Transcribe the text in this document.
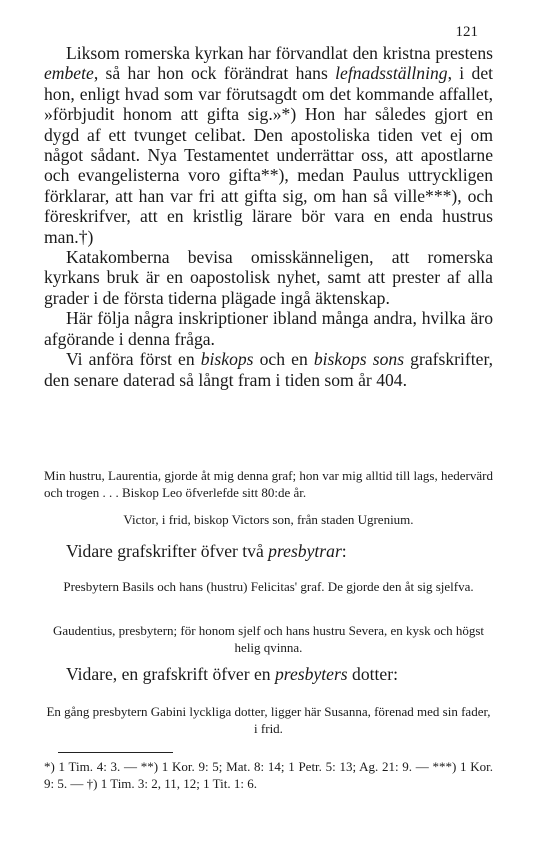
121

Liksom romerska kyrkan har förvandlat den kristna prestens embete, så har hon ock förändrat hans lefnadsställning, i det hon, enligt hvad som var förutsagdt om det kommande affallet, »förbjudit honom att gifta sig.»*) Hon har således gjort en dygd af ett tvunget celibat. Den apostoliska tiden vet ej om något sådant. Nya Testamentet underrättar oss, att apostlarne och evangelisterna voro gifta**), medan Paulus uttryckligen förklarar, att han var fri att gifta sig, om han så ville***), och föreskrifver, att en kristlig lärare bör vara en enda hustrus man.†)

Katakomberna bevisa omisskänneligen, att romerska kyrkans bruk är en oapostolisk nyhet, samt att prester af alla grader i de första tiderna plägade ingå äktenskap.

Här följa några inskriptioner ibland många andra, hvilka äro afgörande i denna fråga.

Vi anföra först en biskops och en biskops sons grafskrifter, den senare daterad så långt fram i tiden som år 404.

Min hustru, Laurentia, gjorde åt mig denna graf; hon var mig alltid till lags, hedervärd och trogen . . . Biskop Leo öfverlefde sitt 80:de år.

Victor, i frid, biskop Victors son, från staden Ugrenium.

Vidare grafskrifter öfver två presbytrar:

Presbytern Basils och hans (hustru) Felicitas' graf. De gjorde den åt sig sjelfva.

Gaudentius, presbytern; för honom sjelf och hans hustru Severa, en kysk och högst helig qvinna.

Vidare, en grafskrift öfver en presbyters dotter:

En gång presbytern Gabini lyckliga dotter, ligger här Susanna, förenad med sin fader, i frid.

*) 1 Tim. 4: 3. — **) 1 Kor. 9: 5; Mat. 8: 14; 1 Petr. 5: 13; Ag. 21: 9. — ***) 1 Kor. 9: 5. — †) 1 Tim. 3: 2, 11, 12; 1 Tit. 1: 6.
